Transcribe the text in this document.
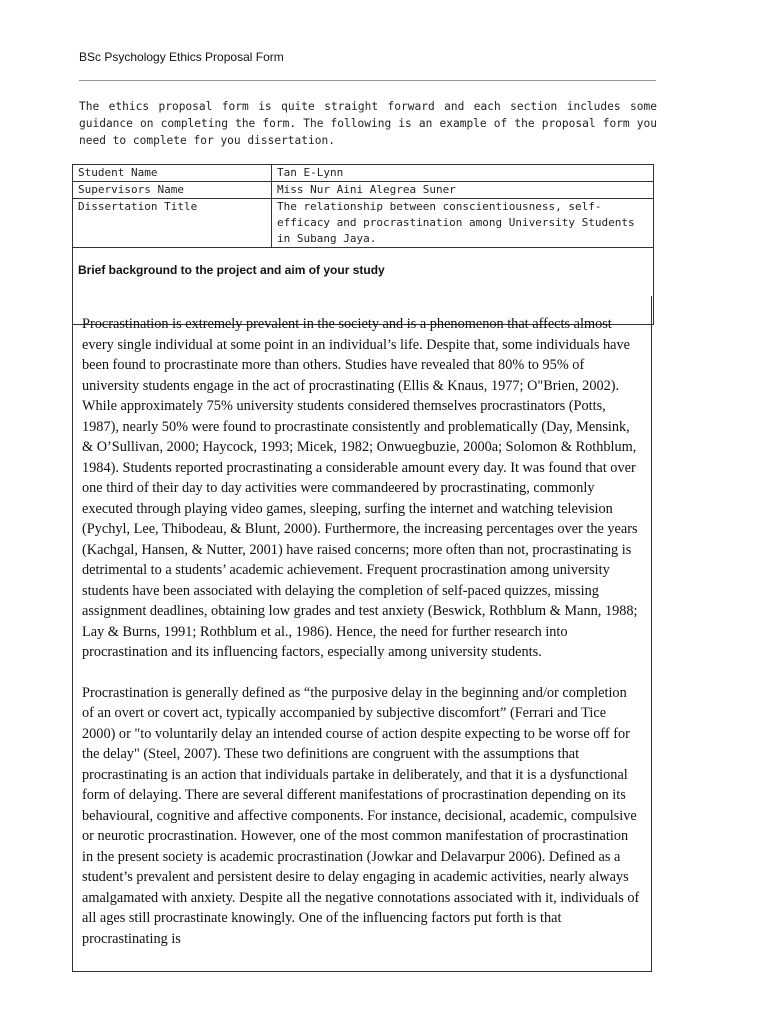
BSc Psychology Ethics Proposal Form

The ethics proposal form is quite straight forward and each section includes some guidance on completing the form. The following is an example of the proposal form you need to complete for you dissertation.

Student Name	Tan E-Lynn
Supervisors Name	Miss Nur Aini Alegrea Suner
Dissertation Title	The relationship between conscientiousness, self-efficacy and procrastination among University Students in Subang Jaya.
Brief background to the project and aim of your study	

Procrastination is extremely prevalent in the society and is a phenomenon that affects almost every single individual at some point in an individual’s life. Despite that, some individuals have been found to procrastinate more than others. Studies have revealed that 80% to 95% of university students engage in the act of procrastinating (Ellis & Knaus, 1977; O"Brien, 2002). While approximately 75% university students considered themselves procrastinators (Potts, 1987), nearly 50% were found to procrastinate consistently and problematically (Day, Mensink, & O’Sullivan, 2000; Haycock, 1993; Micek, 1982; Onwuegbuzie, 2000a; Solomon & Rothblum, 1984). Students reported procrastinating a considerable amount every day. It was found that over one third of their day to day activities were commandeered by procrastinating, commonly executed through playing video games, sleeping, surfing the internet and watching television (Pychyl, Lee, Thibodeau, & Blunt, 2000). Furthermore, the increasing percentages over the years (Kachgal, Hansen, & Nutter, 2001) have raised concerns; more often than not, procrastinating is detrimental to a students’ academic achievement. Frequent procrastination among university students have been associated with delaying the completion of self-paced quizzes, missing assignment deadlines, obtaining low grades and test anxiety (Beswick, Rothblum & Mann, 1988; Lay & Burns, 1991; Rothblum et al., 1986). Hence, the need for further research into procrastination and its influencing factors, especially among university students.

Procrastination is generally defined as “the purposive delay in the beginning and/or completion of an overt or covert act, typically accompanied by subjective discomfort” (Ferrari and Tice 2000) or "to voluntarily delay an intended course of action despite expecting to be worse off for the delay" (Steel, 2007). These two definitions are congruent with the assumptions that procrastinating is an action that individuals partake in deliberately, and that it is a dysfunctional form of delaying. There are several different manifestations of procrastination depending on its behavioural, cognitive and affective components. For instance, decisional, academic, compulsive or neurotic procrastination. However, one of the most common manifestation of procrastination in the present society is academic procrastination (Jowkar and Delavarpur 2006). Defined as a student’s prevalent and persistent desire to delay engaging in academic activities, nearly always amalgamated with anxiety. Despite all the negative connotations associated with it, individuals of all ages still procrastinate knowingly. One of the influencing factors put forth is that procrastinating is
